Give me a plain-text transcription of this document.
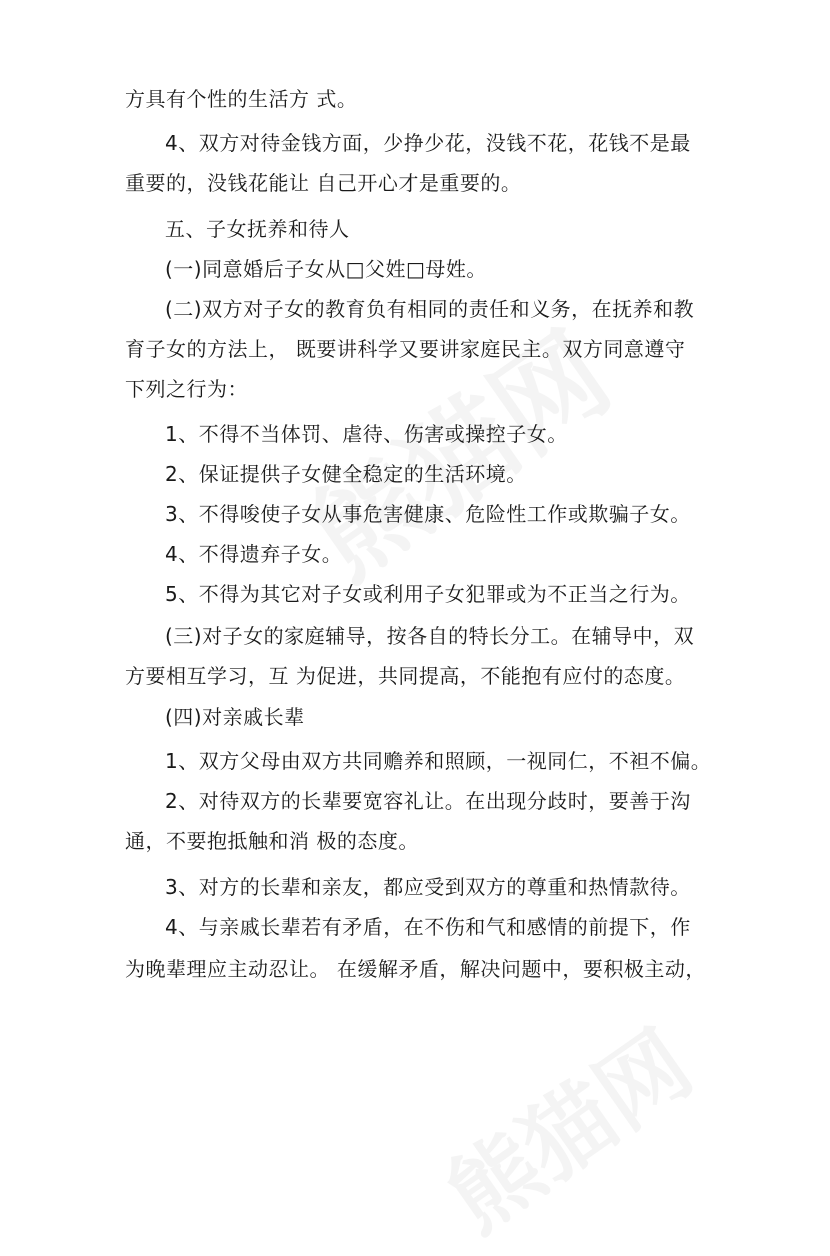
方具有个性的生活方 式。
4、双方对待金钱方面，少挣少花，没钱不花，花钱不是最
重要的，没钱花能让 自己开心才是重要的。
五、子女抚养和待人
(一)同意婚后子女从□父姓□母姓。
(二)双方对子女的教育负有相同的责任和义务，在抚养和教
育子女的方法上， 既要讲科学又要讲家庭民主。双方同意遵守
下列之行为：
1、不得不当体罚、虐待、伤害或操控子女。
2、保证提供子女健全稳定的生活环境。
3、不得唆使子女从事危害健康、危险性工作或欺骗子女。
4、不得遗弃子女。
5、不得为其它对子女或利用子女犯罪或为不正当之行为。
(三)对子女的家庭辅导，按各自的特长分工。在辅导中，双
方要相互学习，互 为促进，共同提高，不能抱有应付的态度。
(四)对亲戚长辈
1、双方父母由双方共同赡养和照顾，一视同仁，不袒不偏。
2、对待双方的长辈要宽容礼让。在出现分歧时，要善于沟
通，不要抱抵触和消 极的态度。
3、对方的长辈和亲友，都应受到双方的尊重和热情款待。
4、与亲戚长辈若有矛盾，在不伤和气和感情的前提下，作
为晚辈理应主动忍让。 在缓解矛盾，解决问题中，要积极主动，
